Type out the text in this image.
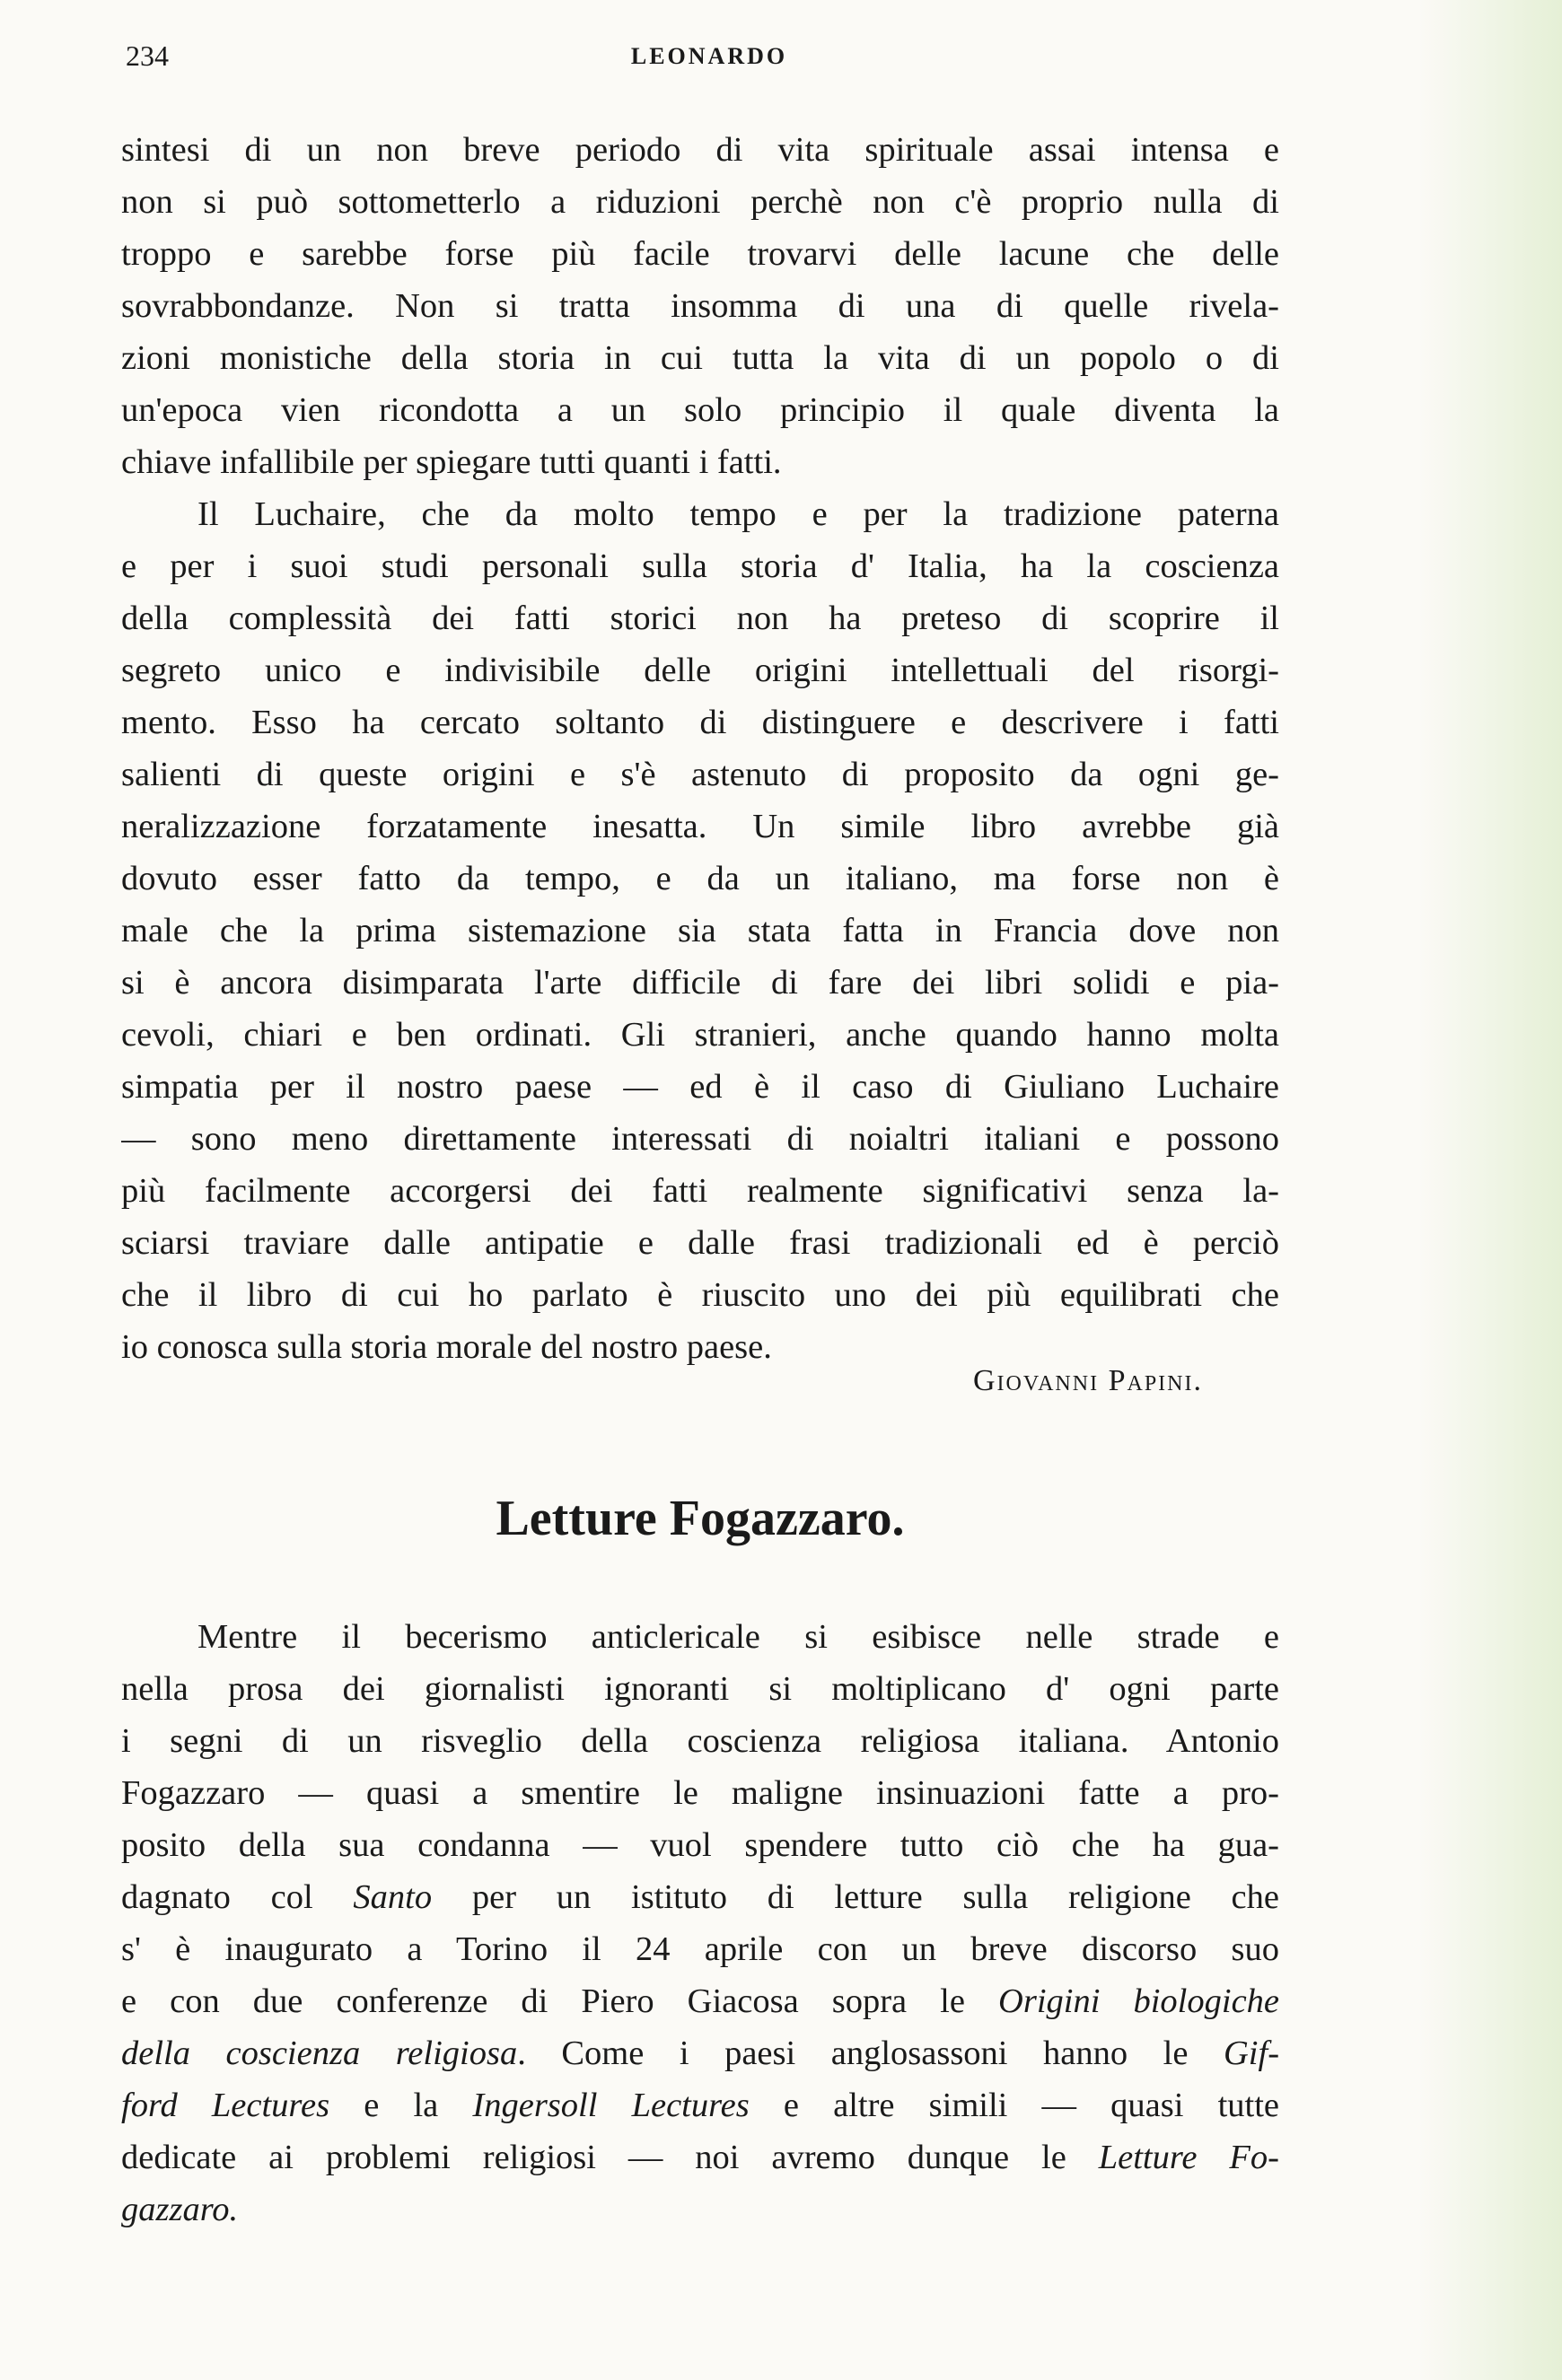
234	LEONARDO
sintesi di un non breve periodo di vita spirituale assai intensa e
non si può sottometterlo a riduzioni perchè non c'è proprio nulla di
troppo e sarebbe forse più facile trovarvi delle lacune che delle
sovrabbondanze. Non si tratta insomma di una di quelle rivela-
zioni monistiche della storia in cui tutta la vita di un popolo o di
un'epoca vien ricondotta a un solo principio il quale diventa la
chiave infallibile per spiegare tutti quanti i fatti.
Il Luchaire, che da molto tempo e per la tradizione paterna
e per i suoi studi personali sulla storia d' Italia, ha la coscienza
della complessità dei fatti storici non ha preteso di scoprire il
segreto unico e indivisibile delle origini intellettuali del risorgi-
mento. Esso ha cercato soltanto di distinguere e descrivere i fatti
salienti di queste origini e s'è astenuto di proposito da ogni ge-
neralizzazione forzatamente inesatta. Un simile libro avrebbe già
dovuto esser fatto da tempo, e da un italiano, ma forse non è
male che la prima sistemazione sia stata fatta in Francia dove non
si è ancora disimparata l'arte difficile di fare dei libri solidi e pia-
cevoli, chiari e ben ordinati. Gli stranieri, anche quando hanno molta
simpatia per il nostro paese — ed è il caso di Giuliano Luchaire
— sono meno direttamente interessati di noialtri italiani e possono
più facilmente accorgersi dei fatti realmente significativi senza la-
sciarsi traviare dalle antipatie e dalle frasi tradizionali ed è perciò
che il libro di cui ho parlato è riuscito uno dei più equilibrati che
io conosca sulla storia morale del nostro paese.
Giovanni Papini.
Letture Fogazzaro.
Mentre il becerismo anticlericale si esibisce nelle strade e
nella prosa dei giornalisti ignoranti si moltiplicano d' ogni parte
i segni di un risveglio della coscienza religiosa italiana. Antonio
Fogazzaro — quasi a smentire le maligne insinuazioni fatte a pro-
posito della sua condanna — vuol spendere tutto ciò che ha gua-
dagnato col Santo per un istituto di letture sulla religione che
s' è inaugurato a Torino il 24 aprile con un breve discorso suo
e con due conferenze di Piero Giacosa sopra le Origini biologiche
della coscienza religiosa. Come i paesi anglosassoni hanno le Gif-
ford Lectures e la Ingersoll Lectures e altre simili — quasi tutte
dedicate ai problemi religiosi — noi avremo dunque le Letture Fo-
gazzaro.
